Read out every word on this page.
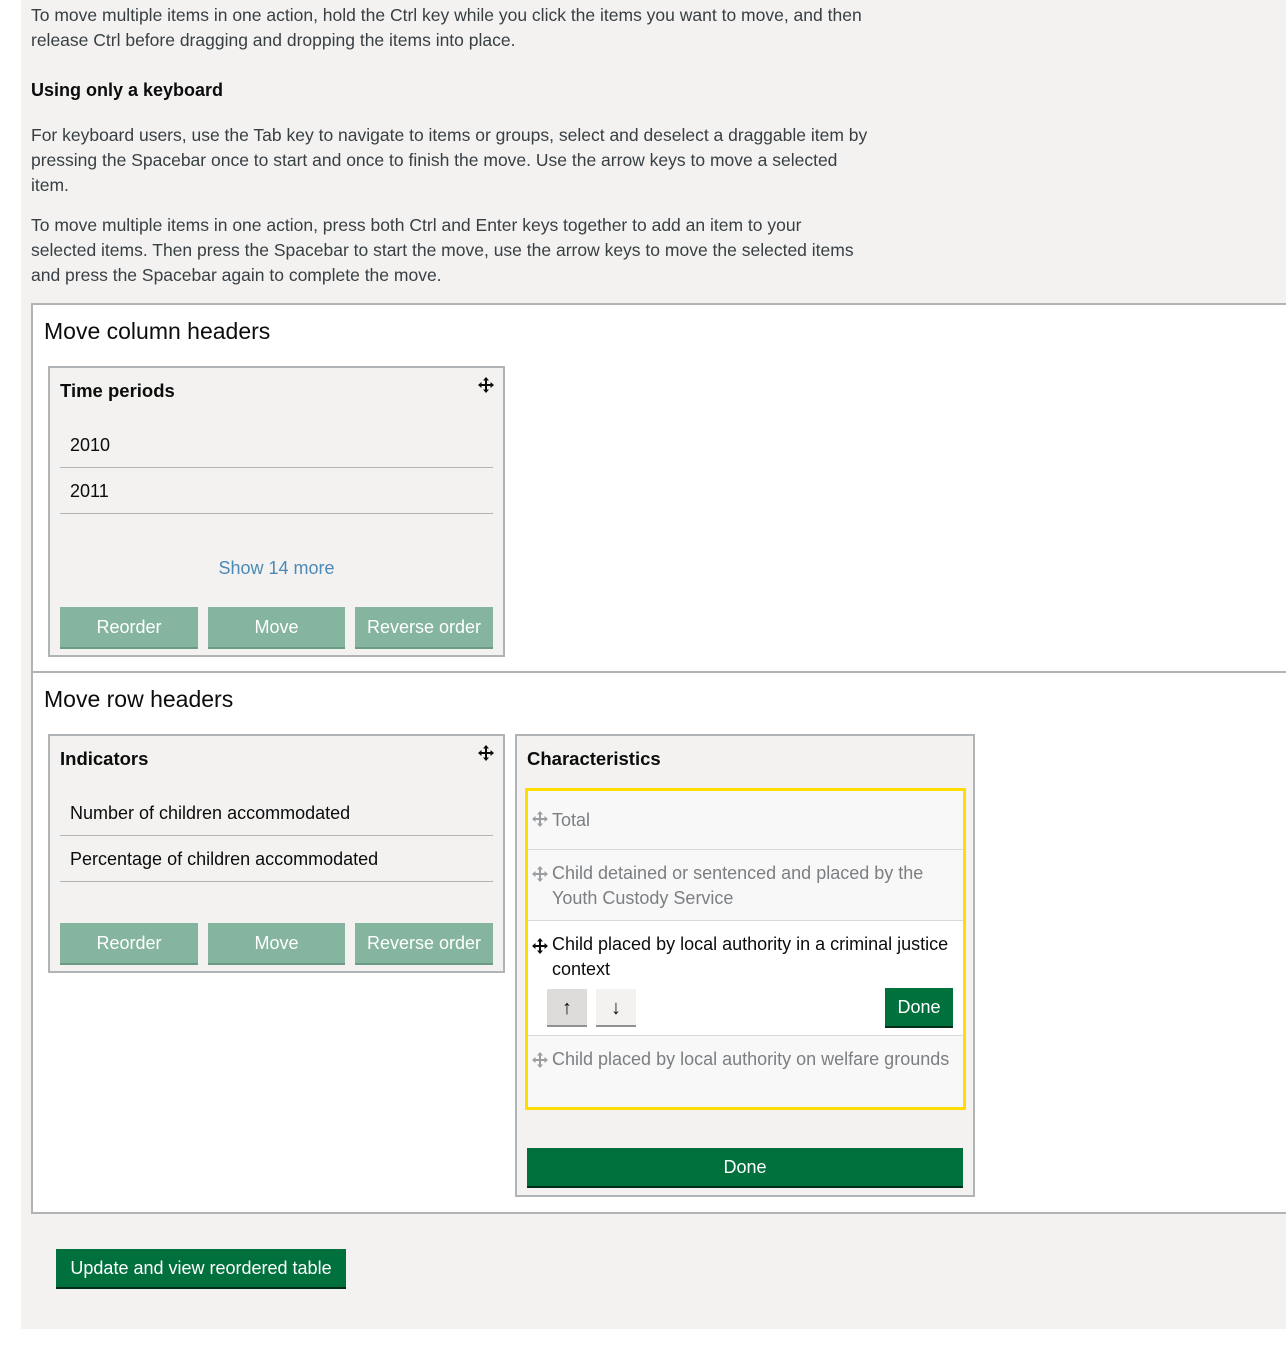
To move multiple items in one action, hold the Ctrl key while you click the items you want to move, and then release Ctrl before dragging and dropping the items into place.

Using only a keyboard

For keyboard users, use the Tab key to navigate to items or groups, select and deselect a draggable item by pressing the Spacebar once to start and once to finish the move. Use the arrow keys to move a selected item.

To move multiple items in one action, press both Ctrl and Enter keys together to add an item to your selected items. Then press the Spacebar to start the move, use the arrow keys to move the selected items and press the Spacebar again to complete the move.

Move column headers
Time periods
2010
2011
Show 14 more
Reorder	Move	Reverse order
Move row headers
Indicators
Number of children accommodated
Percentage of children accommodated
Reorder	Move	Reverse order
Characteristics
Total
Child detained or sentenced and placed by the Youth Custody Service
Child placed by local authority in a criminal justice context
↑	↓	Done
Child placed by local authority on welfare grounds
Done
Update and view reordered table
